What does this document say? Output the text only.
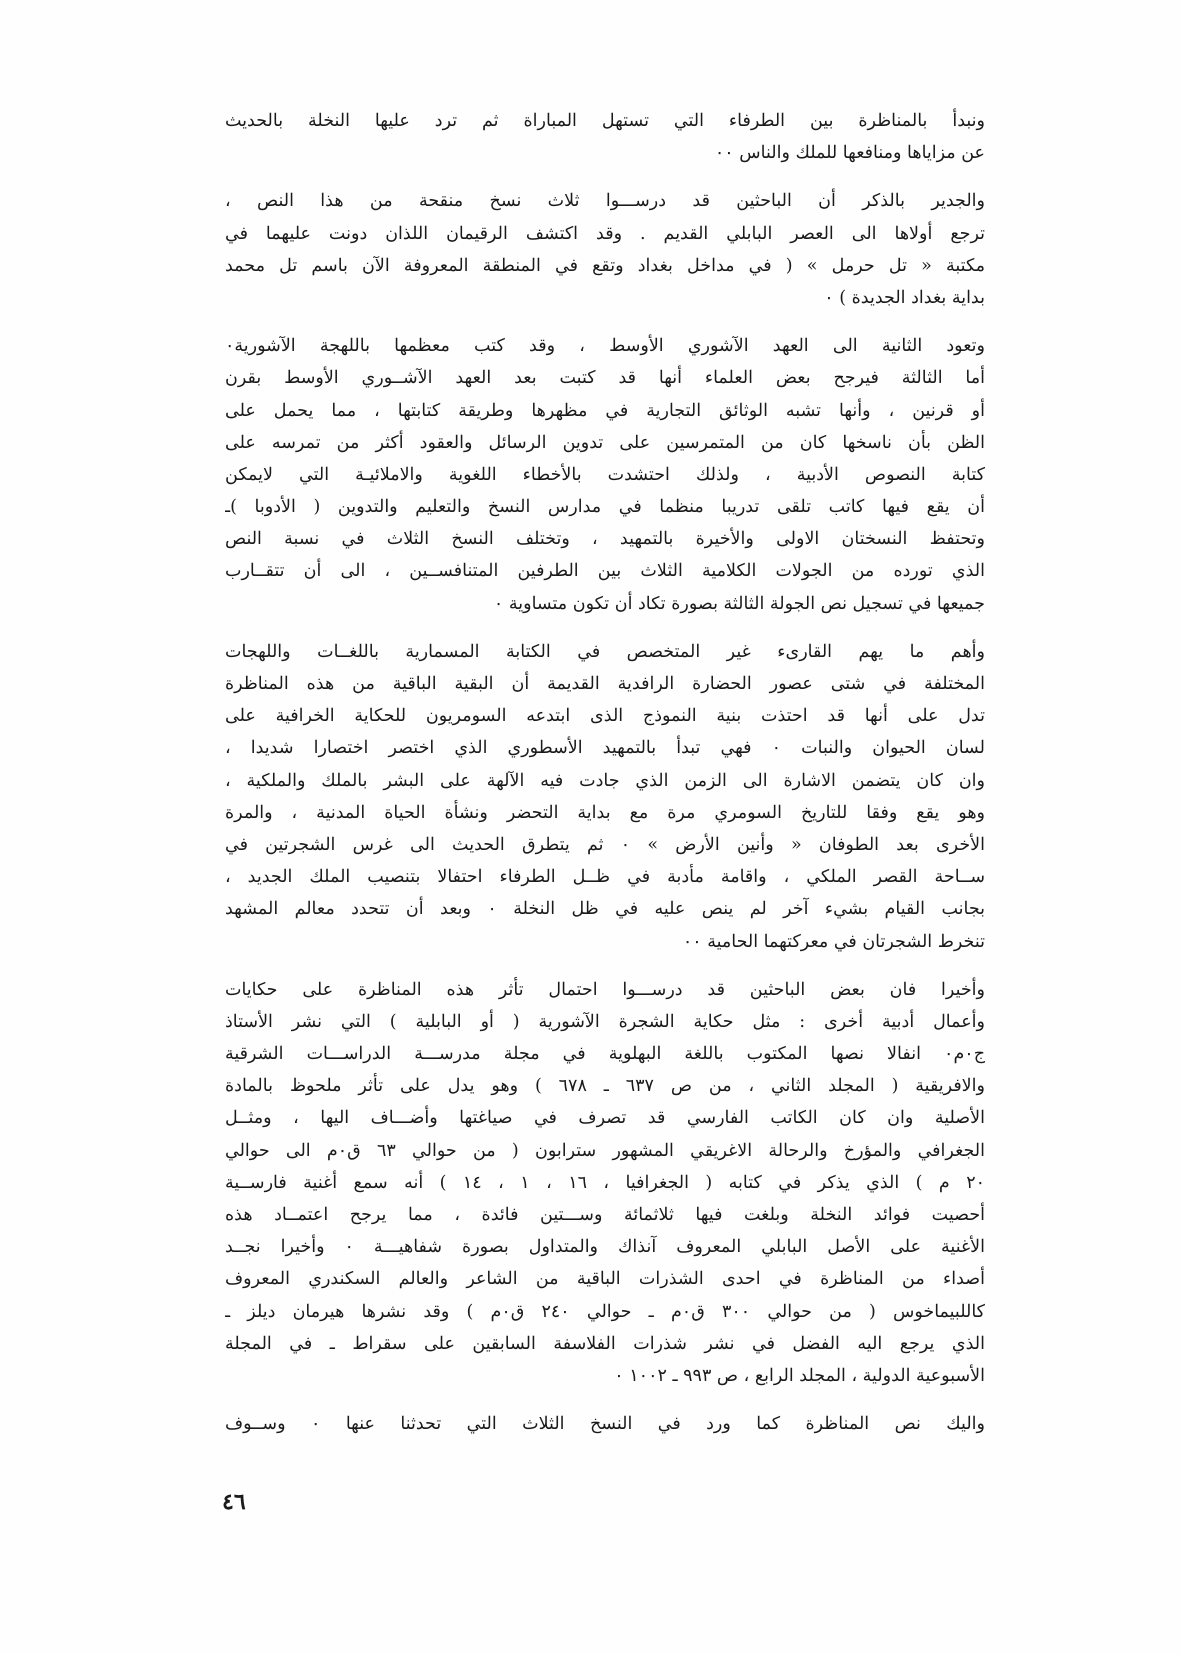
ونبدأ بالمناظرة بين الطرفاء التي تستهل المباراة ثم ترد عليها النخلة بالحديث
عن مزاياها ومنافعها للملك والناس ٠٠

والجدير بالذكر أن الباحثين قد درســـوا ثلاث نسخ منقحة من هذا النص ،
ترجع أولاها الى العصر البابلي القديم . وقد اكتشف الرقيمان اللذان دونت عليهما في
مكتبة « تل حرمل » ( في مداخل بغداد وتقع في المنطقة المعروفة الآن باسم تل محمد
بداية بغداد الجديدة ) ٠

وتعود الثانية الى العهد الآشوري الأوسط ، وقد كتب معظمها باللهجة الآشورية٠
أما الثالثة فيرجح بعض العلماء أنها قد كتبت بعد العهد الآشــوري الأوسط بقرن
أو قرنين ، وأنها تشبه الوثائق التجارية في مظهرها وطريقة كتابتها ، مما يحمل على
الظن بأن ناسخها كان من المتمرسين على تدوين الرسائل والعقود أكثر من تمرسه على
كتابة النصوص الأدبية ، ولذلك احتشدت بالأخطاء اللغوية والاملائيـة التي لايمكن
أن يقع فيها كاتب تلقى تدريبا منظما في مدارس النسخ والتعليم والتدوين ( الأدوبا )ـ
وتحتفظ النسختان الاولى والأخيرة بالتمهيد ، وتختلف النسخ الثلاث في نسبة النص
الذي تورده من الجولات الكلامية الثلاث بين الطرفين المتنافســين ، الى أن تتقــارب
جميعها في تسجيل نص الجولة الثالثة بصورة تكاد أن تكون متساوية ٠

وأهم ما يهم القارىء غير المتخصص في الكتابة المسمارية باللغــات واللهجات
المختلفة في شتى عصور الحضارة الرافدية القديمة أن البقية الباقية من هذه المناظرة
تدل على أنها قد احتذت بنية النموذج الذى ابتدعه السومريون للحكاية الخرافية على
لسان الحيوان والنبات ٠ فهي تبدأ بالتمهيد الأسطوري الذي اختصر اختصارا شديدا ،
وان كان يتضمن الاشارة الى الزمن الذي جادت فيه الآلهة على البشر بالملك والملكية ،
وهو يقع وفقا للتاريخ السومري مرة مع بداية التحضر ونشأة الحياة المدنية ، والمرة
الأخرى بعد الطوفان « وأنين الأرض » ٠ ثم يتطرق الحديث الى غرس الشجرتين في
ســاحة القصر الملكي ، واقامة مأدبة في ظــل الطرفاء احتفالا بتنصيب الملك الجديد ،
بجانب القيام بشيء آخر لم ينص عليه في ظل النخلة ٠ وبعد أن تتحدد معالم المشهد
تنخرط الشجرتان في معركتهما الحامية ٠٠

وأخيرا فان بعض الباحثين قد درســـوا احتمال تأثر هذه المناظرة على حكايات
وأعمال أدبية أخرى : مثل حكاية الشجرة الآشورية ( أو البابلية ) التي نشر الأستاذ
ج٠م٠ انفالا نصها المكتوب باللغة البهلوية في مجلة مدرســـة الدراســـات الشرقية
والافريقية ( المجلد الثاني ، من ص ٦٣٧ ـ ٦٧٨ ) وهو يدل على تأثر ملحوظ بالمادة
الأصلية وان كان الكاتب الفارسي قد تصرف في صياغتها وأضـــاف اليها ، ومثــل
الجغرافي والمؤرخ والرحالة الاغريقي المشهور سترابون ( من حوالي ٦٣ ق٠م الى حوالي
٢٠ م ) الذي يذكر في كتابه ( الجغرافيا ، ١٦ ، ١ ، ١٤ ) أنه سمع أغنية فارســية
أحصيت فوائد النخلة وبلغت فيها ثلاثمائة وســـتين فائدة ، مما يرجح اعتمــاد هذه
الأغنية على الأصل البابلي المعروف آنذاك والمتداول بصورة شفاهيـــة ٠ وأخيرا نجــد
أصداء من المناظرة في احدى الشذرات الباقية من الشاعر والعالم السكندري المعروف
كاللبيماخوس ( من حوالي ٣٠٠ ق٠م ـ حوالي ٢٤٠ ق٠م ) وقد نشرها هيرمان ديلز ـ
الذي يرجع اليه الفضل في نشر شذرات الفلاسفة السابقين على سقراط ـ في المجلة
الأسبوعية الدولية ، المجلد الرابع ، ص ٩٩٣ ـ ١٠٠٢ ٠

واليك نص المناظرة كما ورد في النسخ الثلاث التي تحدثنا عنها ٠ وســوف

٤٦
